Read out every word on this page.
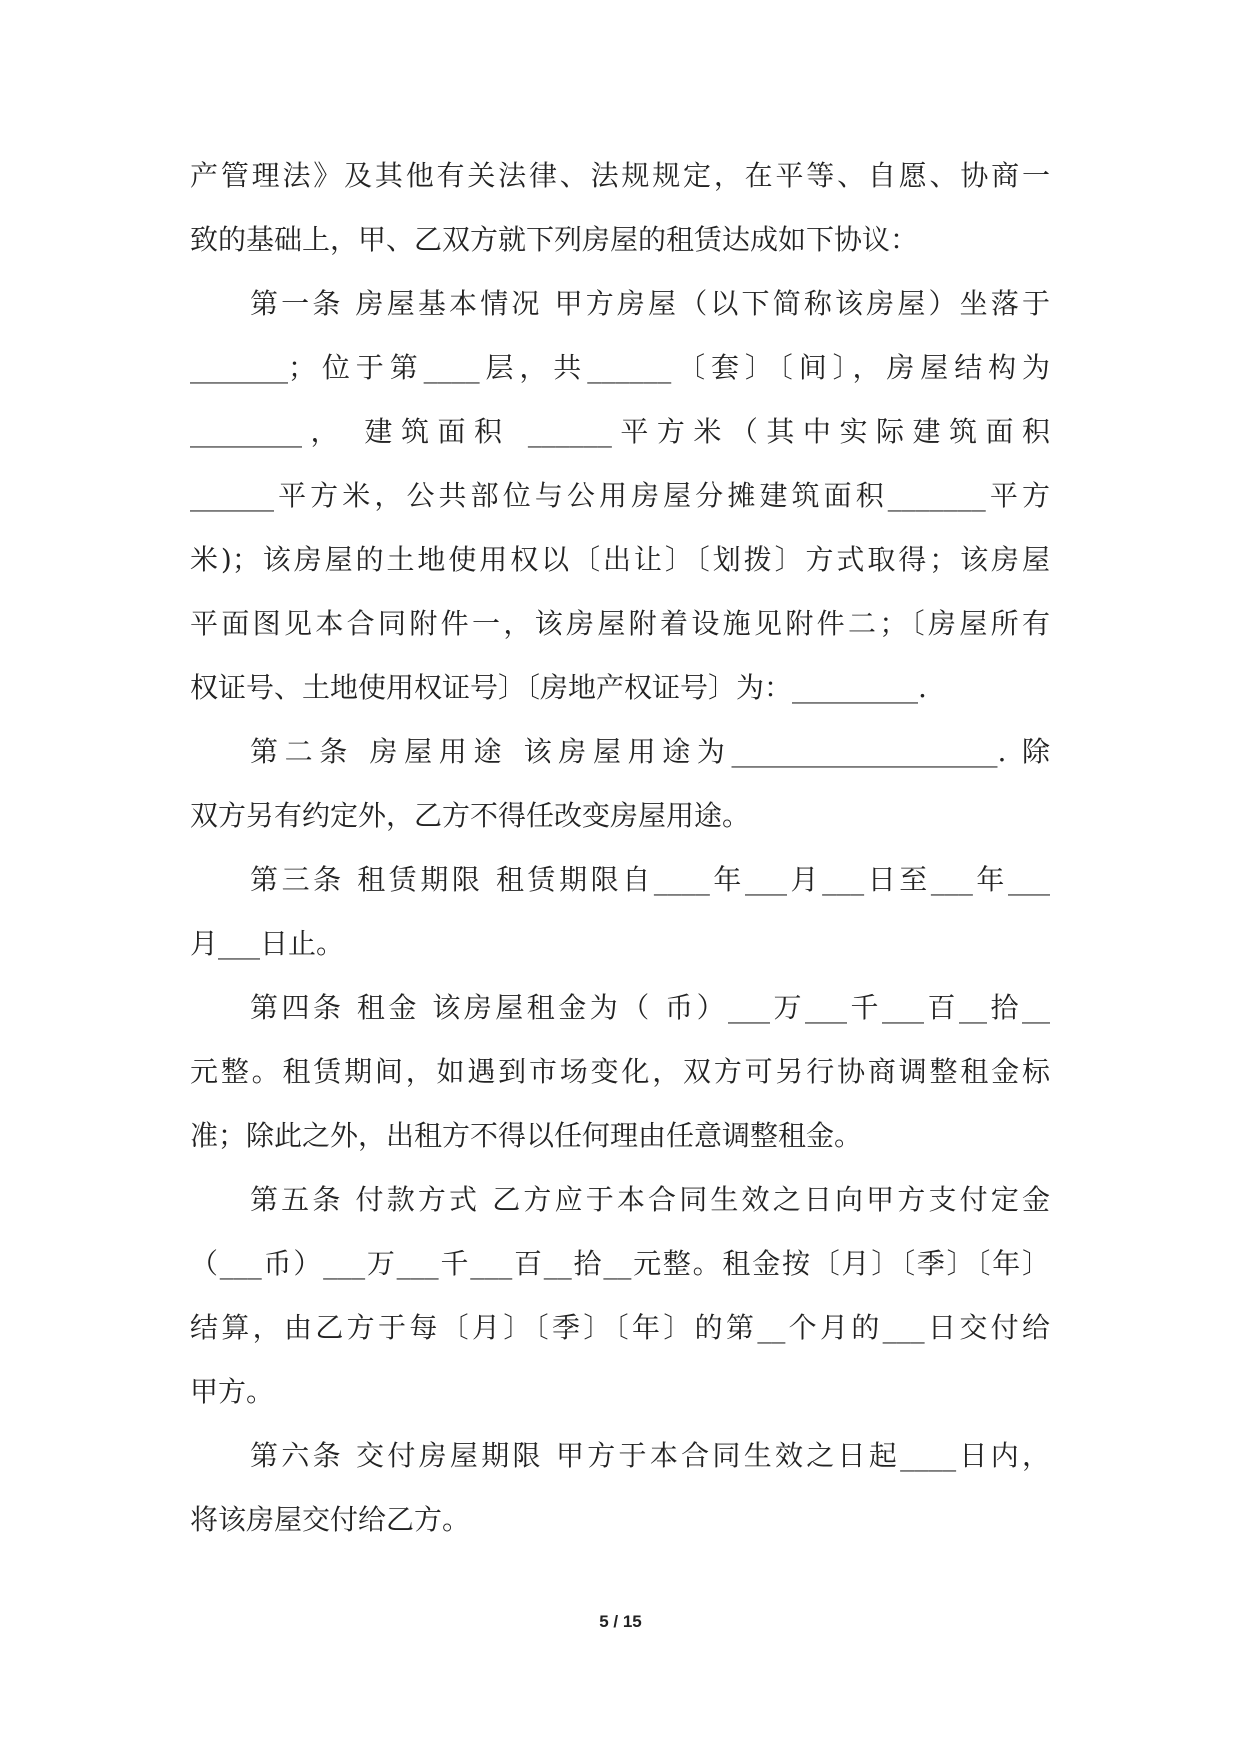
产管理法》及其他有关法律、法规规定，在平等、自愿、协商一
致的基础上，甲、乙双方就下列房屋的租赁达成如下协议：
第一条 房屋基本情况 甲方房屋（以下简称该房屋）坐落于
_______；位于第____层，共______〔套〕〔间〕，房屋结构为
________， 建筑面积 ______平方米（其中实际建筑面积
______平方米，公共部位与公用房屋分摊建筑面积_______平方
米)；该房屋的土地使用权以〔出让〕〔划拨〕方式取得；该房屋
平面图见本合同附件一，该房屋附着设施见附件二；〔房屋所有
权证号、土地使用权证号〕〔房地产权证号〕为：_________.
第二条 房屋用途 该房屋用途为___________________. 除
双方另有约定外，乙方不得任改变房屋用途。
第三条 租赁期限 租赁期限自____年___月___日至___年___
月___日止。
第四条 租金 该房屋租金为（ 币）___万___千___百__拾__
元整。租赁期间，如遇到市场变化，双方可另行协商调整租金标
准；除此之外，出租方不得以任何理由任意调整租金。
第五条 付款方式 乙方应于本合同生效之日向甲方支付定金
（___币）___万___千___百__拾__元整。租金按〔月〕〔季〕〔年〕
结算，由乙方于每〔月〕〔季〕〔年〕的第__个月的___日交付给
甲方。
第六条 交付房屋期限 甲方于本合同生效之日起____日内，
将该房屋交付给乙方。
5 / 15
